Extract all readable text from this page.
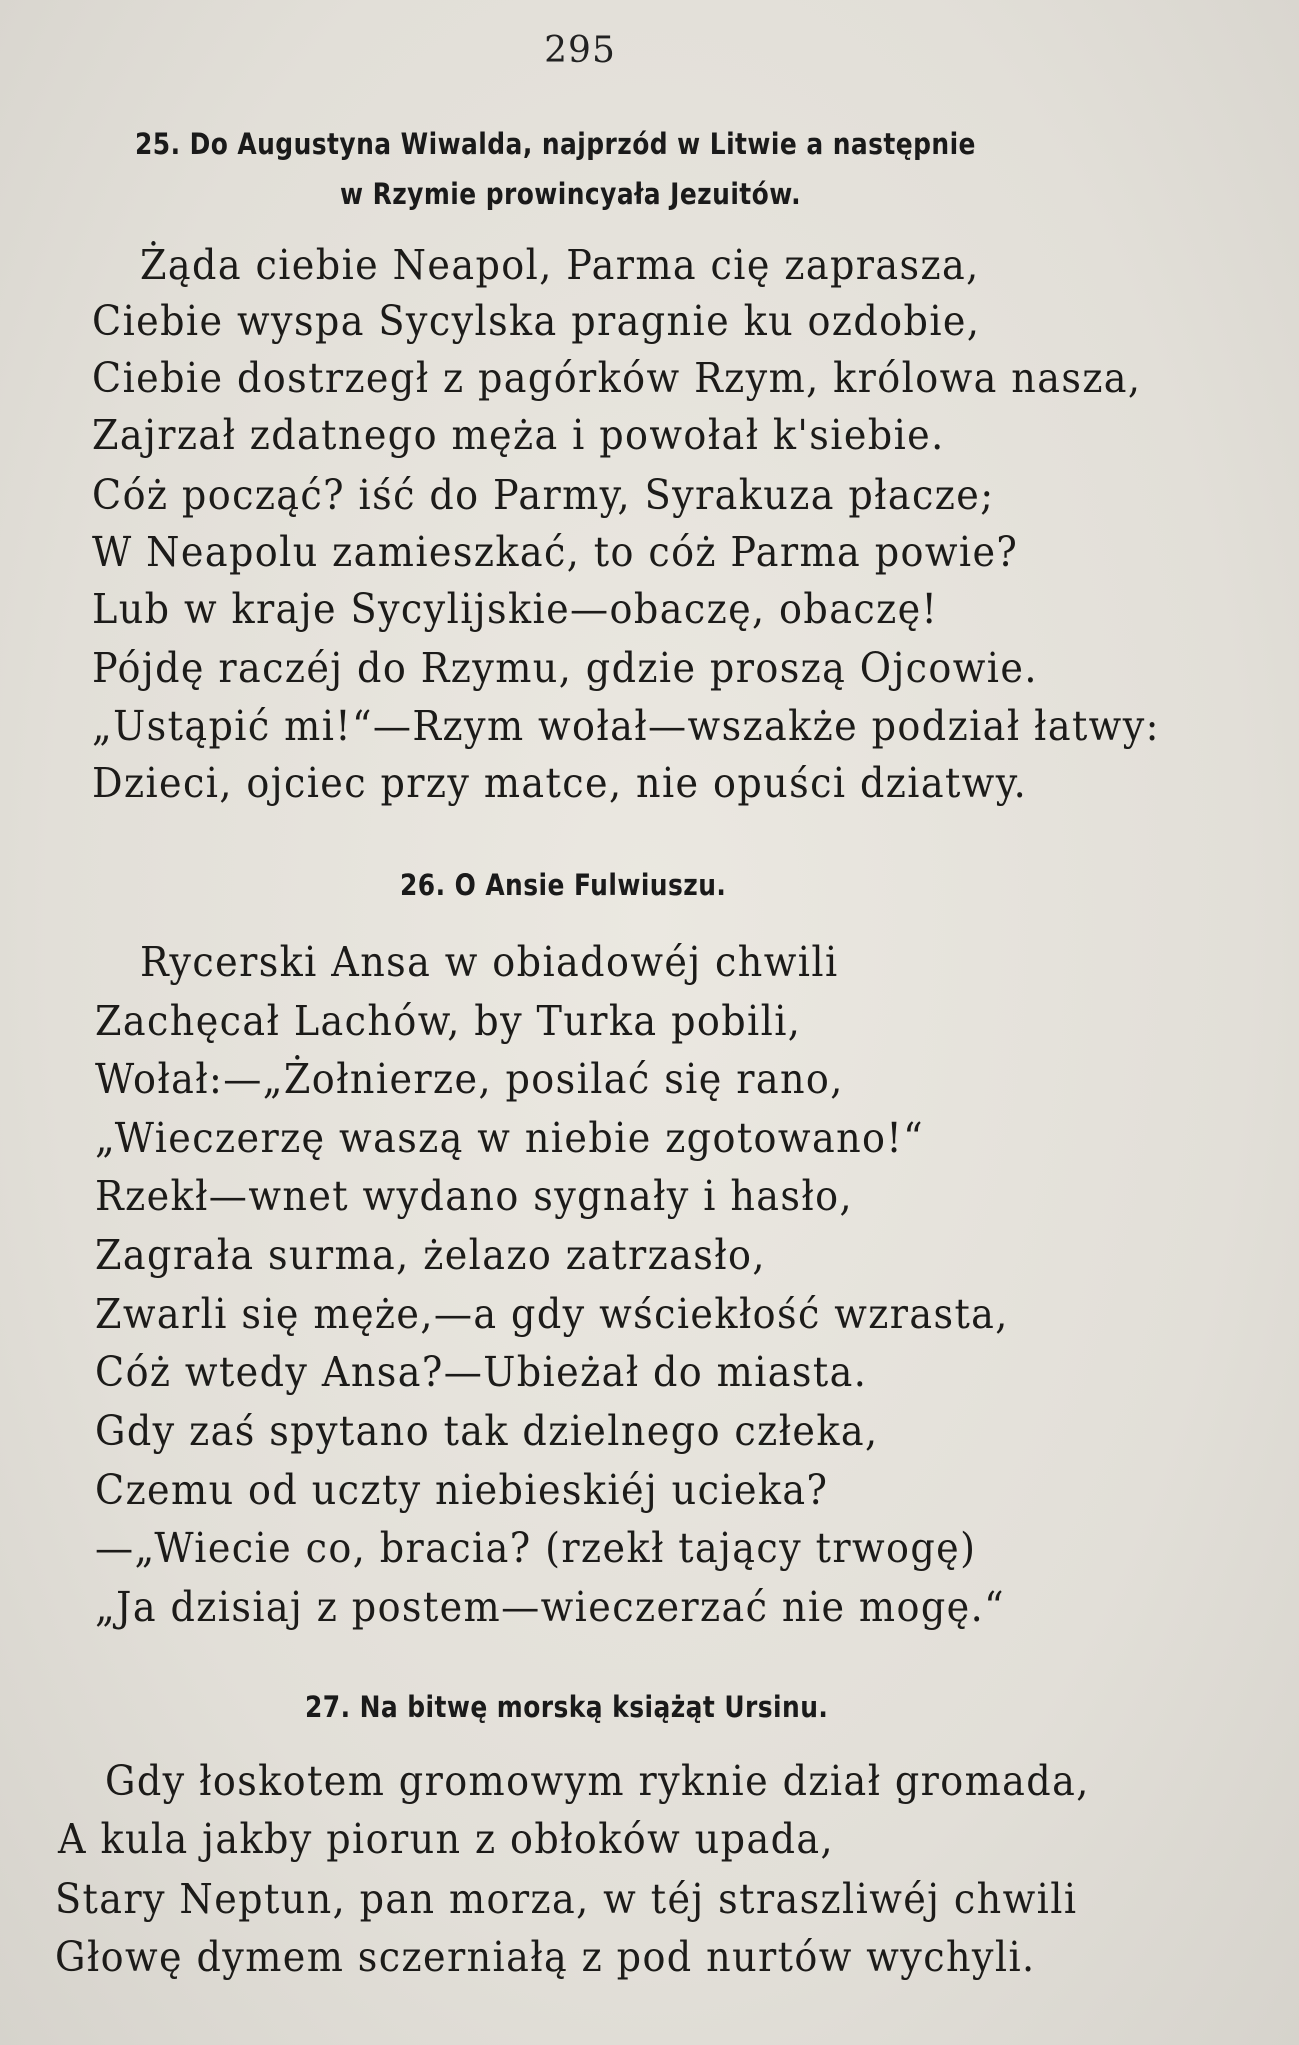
295
25. Do Augustyna Wiwalda, najprzód w Litwie a następnie
w Rzymie prowincyała Jezuitów.
Żąda ciebie Neapol, Parma cię zaprasza,
Ciebie wyspa Sycylska pragnie ku ozdobie,
Ciebie dostrzegł z pagórków Rzym, królowa nasza,
Zajrzał zdatnego męża i powołał k'siebie.
Cóż począć? iść do Parmy, Syrakuza płacze;
W Neapolu zamieszkać, to cóż Parma powie?
Lub w kraje Sycylijskie—obaczę, obaczę!
Pójdę raczéj do Rzymu, gdzie proszą Ojcowie.
„Ustąpić mi!“—Rzym wołał—wszakże podział łatwy:
Dzieci, ojciec przy matce, nie opuści dziatwy.
26. O Ansie Fulwiuszu.
Rycerski Ansa w obiadowéj chwili
Zachęcał Lachów, by Turka pobili,
Wołał:—„Żołnierze, posilać się rano,
„Wieczerzę waszą w niebie zgotowano!“
Rzekł—wnet wydano sygnały i hasło,
Zagrała surma, żelazo zatrzasło,
Zwarli się męże,—a gdy wściekłość wzrasta,
Cóż wtedy Ansa?—Ubieżał do miasta.
Gdy zaś spytano tak dzielnego człeka,
Czemu od uczty niebieskiéj ucieka?
—„Wiecie co, bracia? (rzekł tający trwogę)
„Ja dzisiaj z postem—wieczerzać nie mogę.“
27. Na bitwę morską książąt Ursinu.
Gdy łoskotem gromowym ryknie dział gromada,
A kula jakby piorun z obłoków upada,
Stary Neptun, pan morza, w téj straszliwéj chwili
Głowę dymem sczerniałą z pod nurtów wychyli.
